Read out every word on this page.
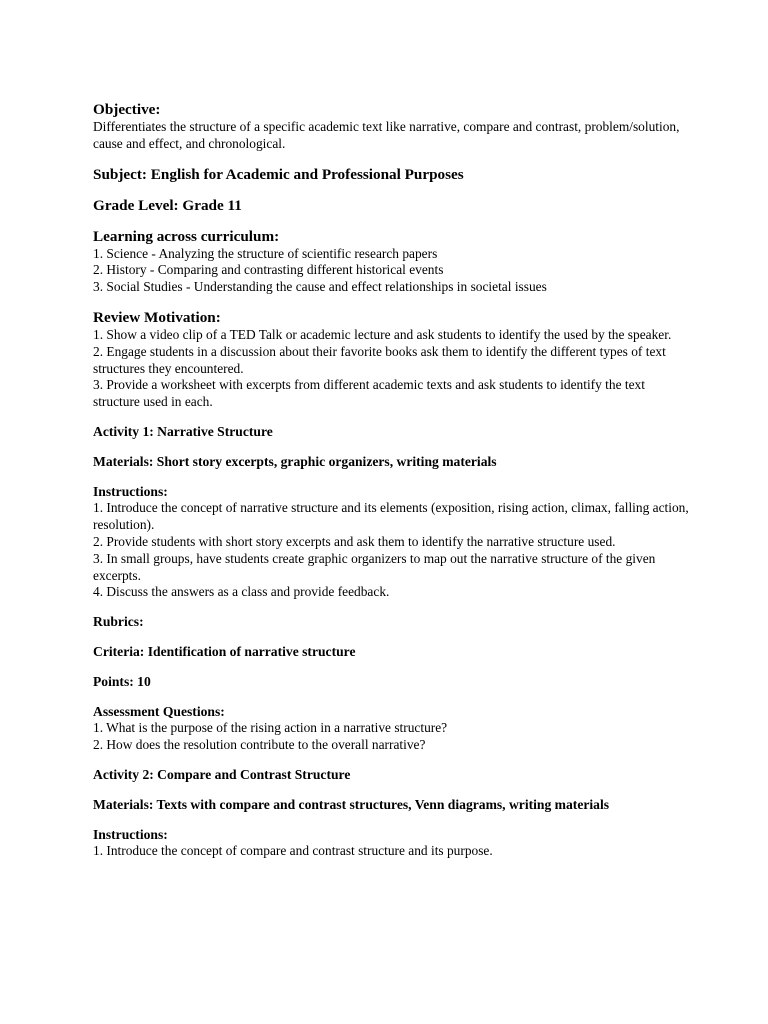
Objective:
Differentiates the structure of a specific academic text like narrative, compare and contrast, problem/solution, cause and effect, and chronological.
Subject: English for Academic and Professional Purposes
Grade Level: Grade 11
Learning across curriculum:
1. Science - Analyzing the structure of scientific research papers
2. History - Comparing and contrasting different historical events
3. Social Studies - Understanding the cause and effect relationships in societal issues
Review Motivation:
1. Show a video clip of a TED Talk or academic lecture and ask students to identify the used by the speaker.
2. Engage students in a discussion about their favorite books ask them to identify the different types of text structures they encountered.
3. Provide a worksheet with excerpts from different academic texts and ask students to identify the text structure used in each.
Activity 1: Narrative Structure
Materials: Short story excerpts, graphic organizers, writing materials
Instructions:
1. Introduce the concept of narrative structure and its elements (exposition, rising action, climax, falling action, resolution).
2. Provide students with short story excerpts and ask them to identify the narrative structure used.
3. In small groups, have students create graphic organizers to map out the narrative structure of the given excerpts.
4. Discuss the answers as a class and provide feedback.
Rubrics:
Criteria: Identification of narrative structure
Points: 10
Assessment Questions:
1. What is the purpose of the rising action in a narrative structure?
2. How does the resolution contribute to the overall narrative?
Activity 2: Compare and Contrast Structure
Materials: Texts with compare and contrast structures, Venn diagrams, writing materials
Instructions:
1. Introduce the concept of compare and contrast structure and its purpose.
